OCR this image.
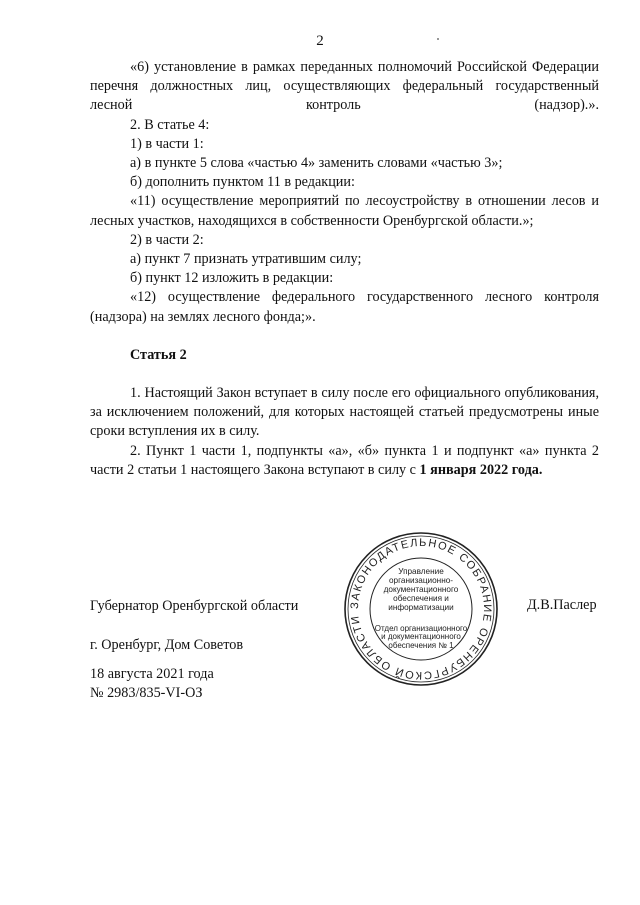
2

«6) установление в рамках переданных полномочий Российской Федерации перечня должностных лиц, осуществляющих федеральный государственный лесной контроль (надзор).».

2. В статье 4:

1) в части 1:

а) в пункте 5 слова «частью 4» заменить словами «частью 3»;

б) дополнить пунктом 11 в редакции:

«11) осуществление мероприятий по лесоустройству в отношении лесов и лесных участков, находящихся в собственности Оренбургской области.»;

2) в части 2:

а) пункт 7 признать утратившим силу;

б) пункт 12 изложить в редакции:

«12) осуществление федерального государственного лесного контроля (надзора) на землях лесного фонда;».

Статья 2

1. Настоящий Закон вступает в силу после его официального опубликования, за исключением положений, для которых настоящей статьей предусмотрены иные сроки вступления их в силу.

2. Пункт 1 части 1, подпункты «а», «б» пункта 1 и подпункт «а» пункта 2 части 2 статьи 1 настоящего Закона вступают в силу с 1 января 2022 года.

Губернатор Оренбургской области	Д.В.Паслер
г. Оренбург, Дом Советов
18 августа 2021 года
№ 2983/835-VI-ОЗ
ЗАКОНОДАТЕЛЬНОЕ СОБРАНИЕ ОРЕНБУРГСКОЙ ОБЛАСТИ
Управление организационно-документационного обеспечения и информатизации
Отдел организационного и документационного обеспечения № 1
